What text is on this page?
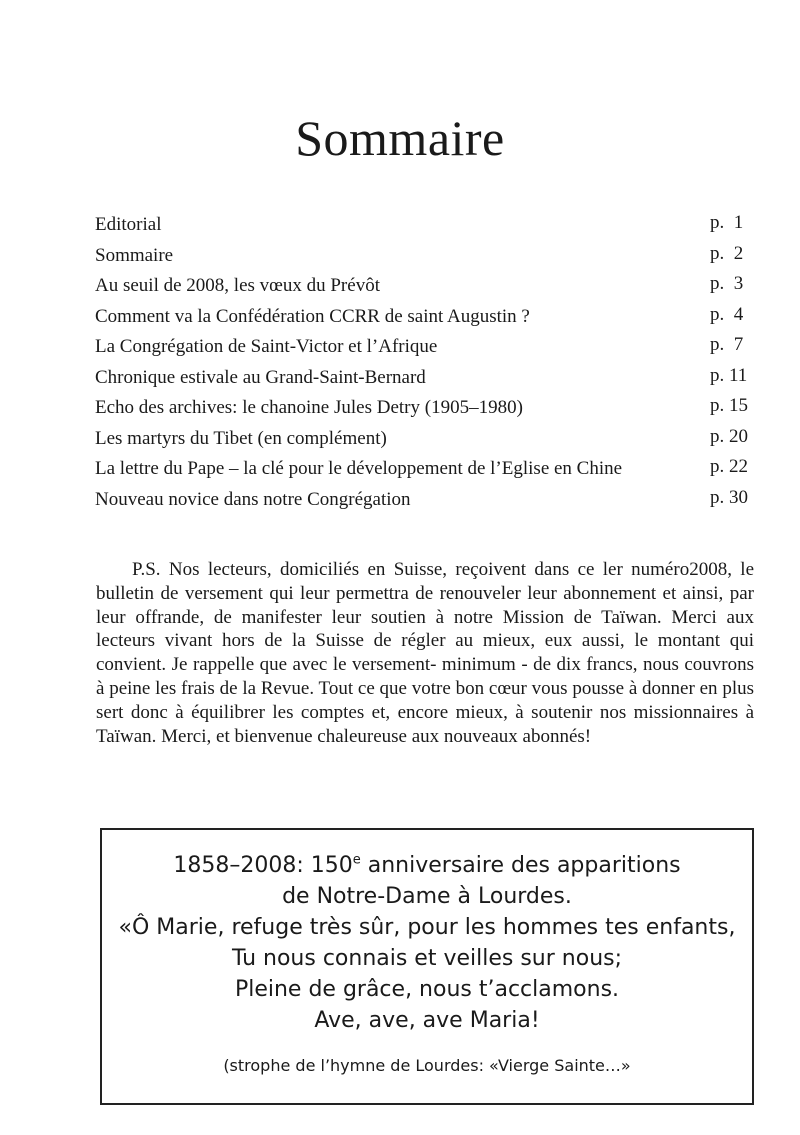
Sommaire
Editorial	p.  1
Sommaire	p.  2
Au seuil de 2008, les vœux du Prévôt	p.  3
Comment va la Confédération CCRR de saint Augustin ?	p.  4
La Congrégation de Saint-Victor et l’Afrique	p.  7
Chronique estivale au Grand-Saint-Bernard	p. 11
Echo des archives: le chanoine Jules Detry (1905–1980)	p. 15
Les martyrs du Tibet (en complément)	p. 20
La lettre du Pape – la clé pour le développement de l’Eglise en Chine	p. 22
Nouveau novice dans notre Congrégation	p. 30

P.S. Nos lecteurs, domiciliés en Suisse, reçoivent dans ce ler numéro2008, le bulletin de versement qui leur permettra de renouveler leur abonnement et ainsi, par leur offrande, de manifester leur soutien à notre Mission de Taïwan. Merci aux lecteurs vivant hors de la Suisse de régler au mieux, eux aussi, le montant qui convient. Je rappelle que avec le versement- minimum - de dix francs, nous couvrons à peine les frais de la Revue. Tout ce que votre bon cœur vous pousse à donner en plus sert donc à équilibrer les comptes et, encore mieux, à soutenir nos missionnaires à Taïwan. Merci, et bienvenue chaleureuse aux nouveaux abonnés!

1858–2008: 150e anniversaire des apparitions
de Notre-Dame à Lourdes.
«Ô Marie, refuge très sûr, pour les hommes tes enfants,
Tu nous connais et veilles sur nous;
Pleine de grâce, nous t’acclamons.
Ave, ave, ave Maria!
(strophe de l’hymne de Lourdes: «Vierge Sainte…»
